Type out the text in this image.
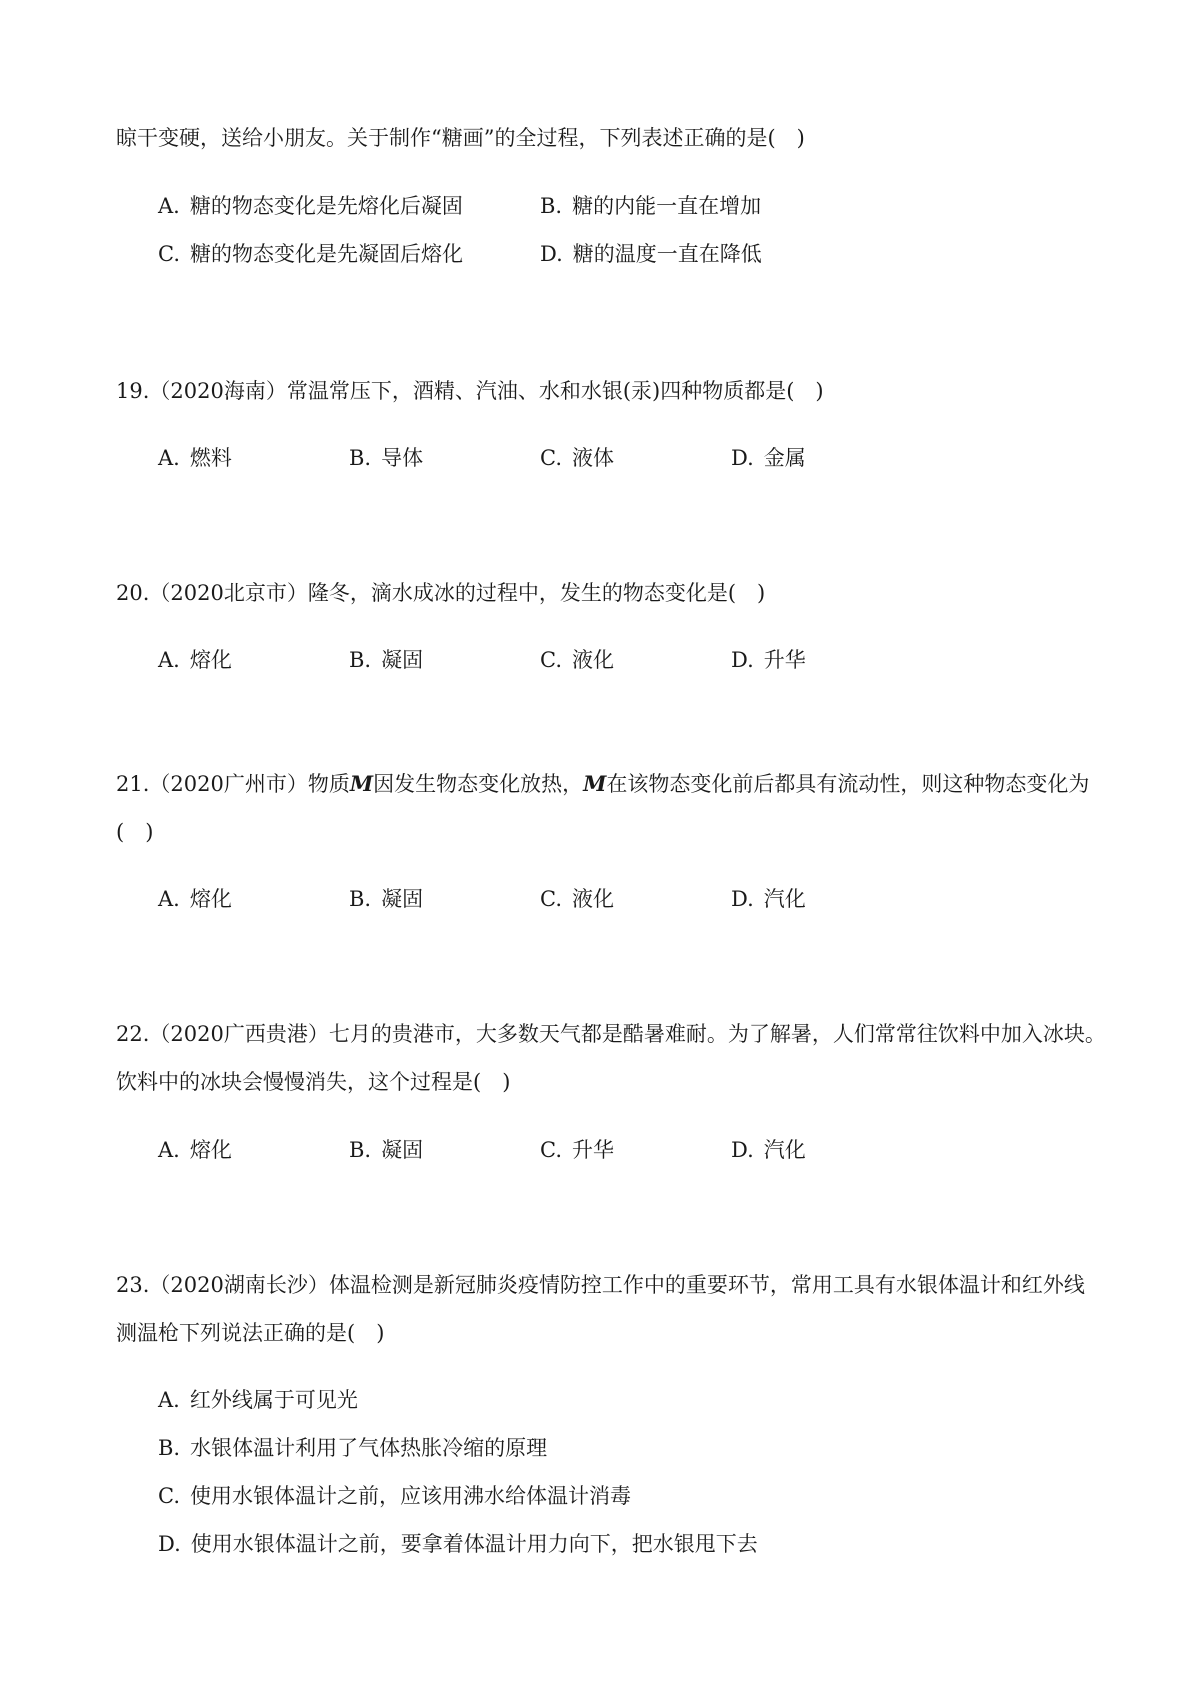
晾干变硬，送给小朋友。关于制作“糖画”的全过程，下列表述正确的是(　)
A. 糖的物态变化是先熔化后凝固	B. 糖的内能一直在增加
C. 糖的物态变化是先凝固后熔化	D. 糖的温度一直在降低
19.（2020海南）常温常压下，酒精、汽油、水和水银(汞)四种物质都是(　)
A. 燃料	B. 导体	C. 液体	D. 金属
20.（2020北京市）隆冬，滴水成冰的过程中，发生的物态变化是(　)
A. 熔化	B. 凝固	C. 液化	D. 升华
21.（2020广州市）物质M因发生物态变化放热，M在该物态变化前后都具有流动性，则这种物态变化为
(　)
A. 熔化	B. 凝固	C. 液化	D. 汽化
22.（2020广西贵港）七月的贵港市，大多数天气都是酷暑难耐。为了解暑，人们常常往饮料中加入冰块。
饮料中的冰块会慢慢消失，这个过程是(　)
A. 熔化	B. 凝固	C. 升华	D. 汽化
23.（2020湖南长沙）体温检测是新冠肺炎疫情防控工作中的重要环节，常用工具有水银体温计和红外线
测温枪下列说法正确的是(　)
A. 红外线属于可见光
B. 水银体温计利用了气体热胀冷缩的原理
C. 使用水银体温计之前，应该用沸水给体温计消毒
D. 使用水银体温计之前，要拿着体温计用力向下，把水银甩下去
